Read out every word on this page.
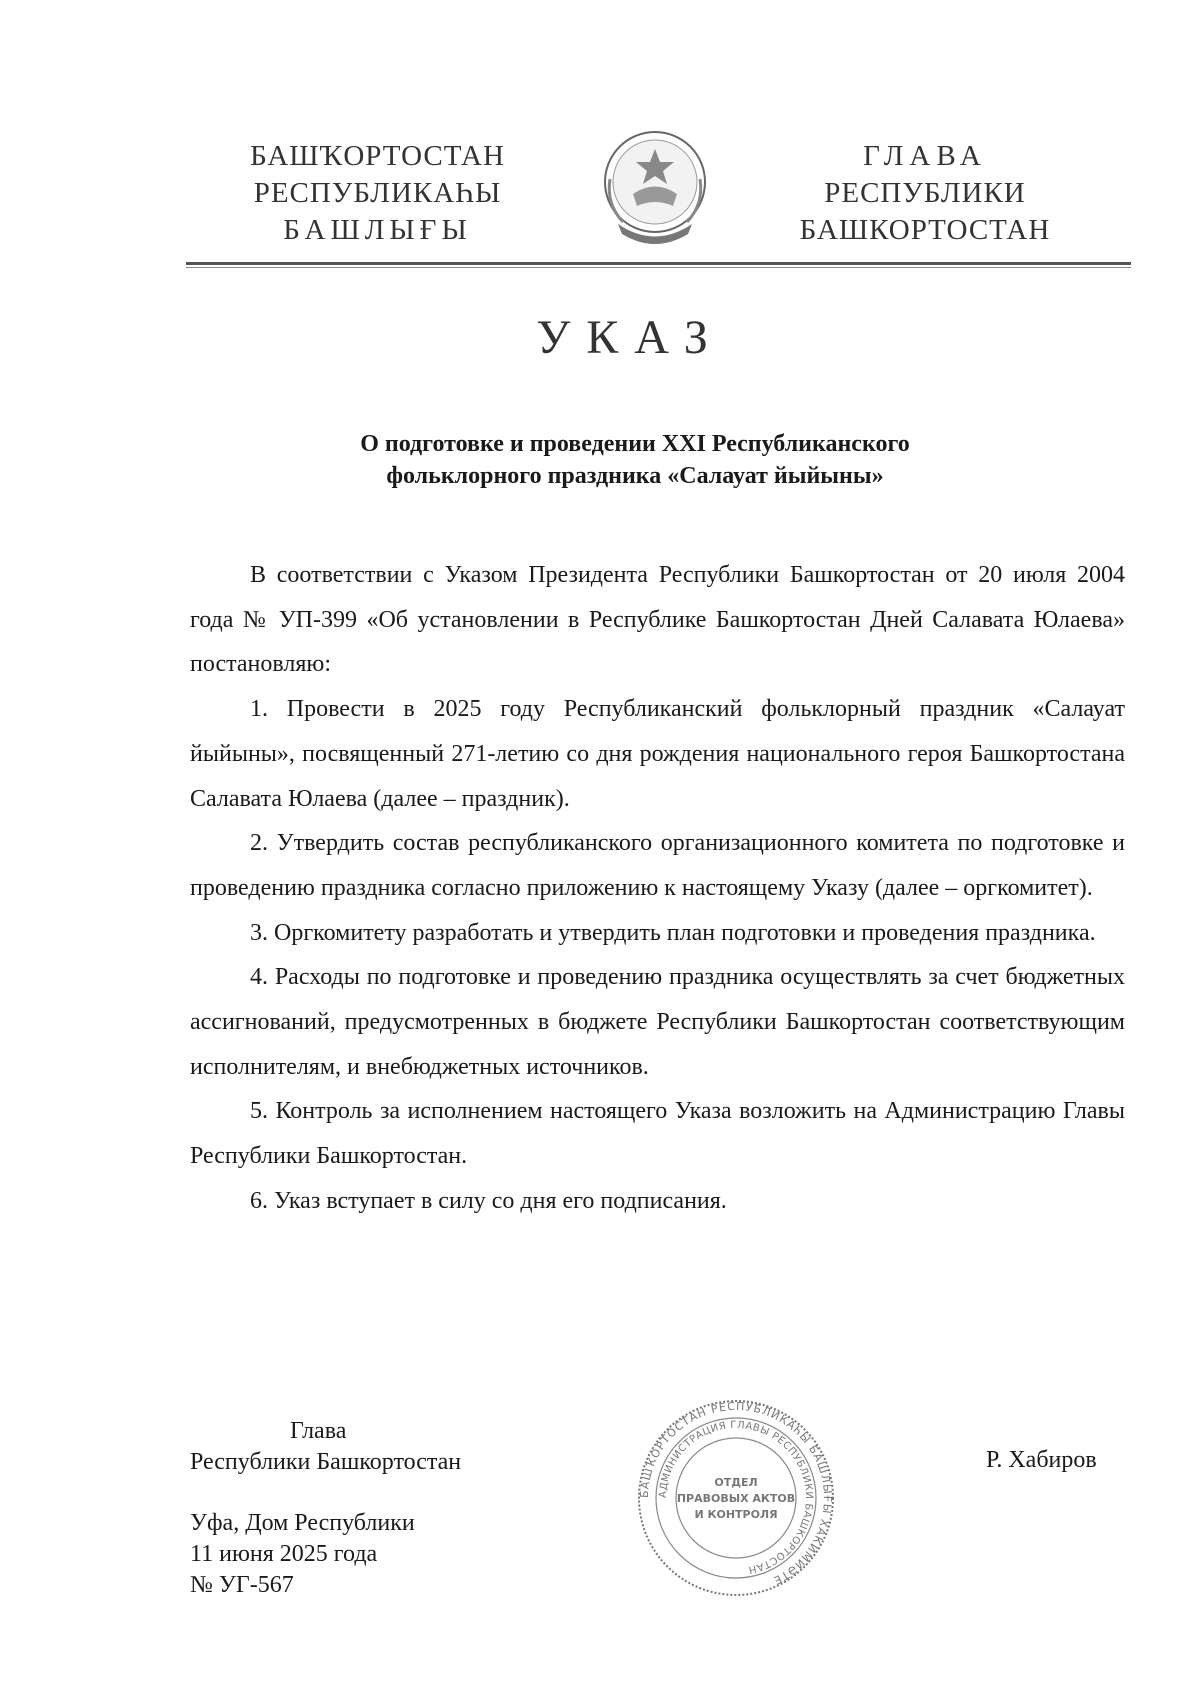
БАШҠОРТОСТАН
РЕСПУБЛИКАҺЫ
БАШЛЫҒЫ
ГЛАВА
РЕСПУБЛИКИ
БАШКОРТОСТАН
УКАЗ
О подготовке и проведении XXI Республиканского
фольклорного праздника «Салауат йыйыны»

В соответствии с Указом Президента Республики Башкортостан от 20 июля 2004 года № УП-399 «Об установлении в Республике Башкортостан Дней Салавата Юлаева» постановляю:

1. Провести в 2025 году Республиканский фольклорный праздник «Салауат йыйыны», посвященный 271-летию со дня рождения национального героя Башкортостана Салавата Юлаева (далее – праздник).

2. Утвердить состав республиканского организационного комитета по подготовке и проведению праздника согласно приложению к настоящему Указу (далее – оргкомитет).

3. Оргкомитету разработать и утвердить план подготовки и проведения праздника.

4. Расходы по подготовке и проведению праздника осуществлять за счет бюджетных ассигнований, предусмотренных в бюджете Республики Башкортостан соответствующим исполнителям, и внебюджетных источников.

5. Контроль за исполнением настоящего Указа возложить на Администрацию Главы Республики Башкортостан.

6. Указ вступает в силу со дня его подписания.

Глава
Республики Башкортостан	Р. Хабиров
Уфа, Дом Республики
11 июня 2025 года
№ УГ-567
БАШҠОРТОСТАН РЕСПУБЛИКАҺЫ БАШЛЫҒЫ ХАКИМИӘТЕ
АДМИНИСТРАЦИЯ ГЛАВЫ РЕСПУБЛИКИ БАШКОРТОСТАН
ОТДЕЛ
ПРАВОВЫХ АКТОВ
И КОНТРОЛЯ
